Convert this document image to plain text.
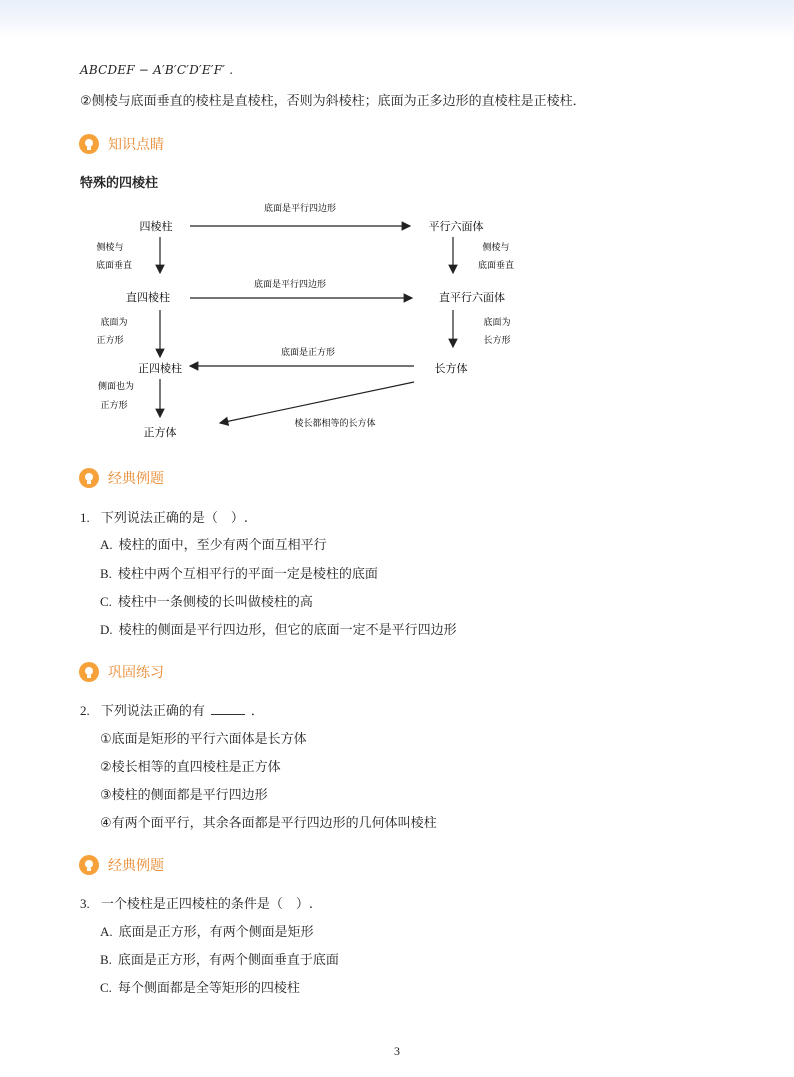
ABCDEF − A′B′C′D′E′F′ .
②侧棱与底面垂直的棱柱是直棱柱，否则为斜棱柱；底面为正多边形的直棱柱是正棱柱．
知识点睛
特殊的四棱柱
四棱柱	平行六面体
直四棱柱	直平行六面体
正四棱柱	长方体
正方体
底面是平行四边形
侧棱与
底面垂直
侧棱与
底面垂直
底面是平行四边形
底面为
正方形
底面为
长方形
底面是正方形
侧面也为
正方形
棱长都相等的长方体
经典例题
1. 下列说法正确的是（　）.
A. 棱柱的面中，至少有两个面互相平行
B. 棱柱中两个互相平行的平面一定是棱柱的底面
C. 棱柱中一条侧棱的长叫做棱柱的高
D. 棱柱的侧面是平行四边形，但它的底面一定不是平行四边形
巩固练习
2. 下列说法正确的有	．
①底面是矩形的平行六面体是长方体
②棱长相等的直四棱柱是正方体
③棱柱的侧面都是平行四边形
④有两个面平行，其余各面都是平行四边形的几何体叫棱柱
经典例题
3. 一个棱柱是正四棱柱的条件是（　）.
A. 底面是正方形，有两个侧面是矩形
B. 底面是正方形，有两个侧面垂直于底面
C. 每个侧面都是全等矩形的四棱柱
3
